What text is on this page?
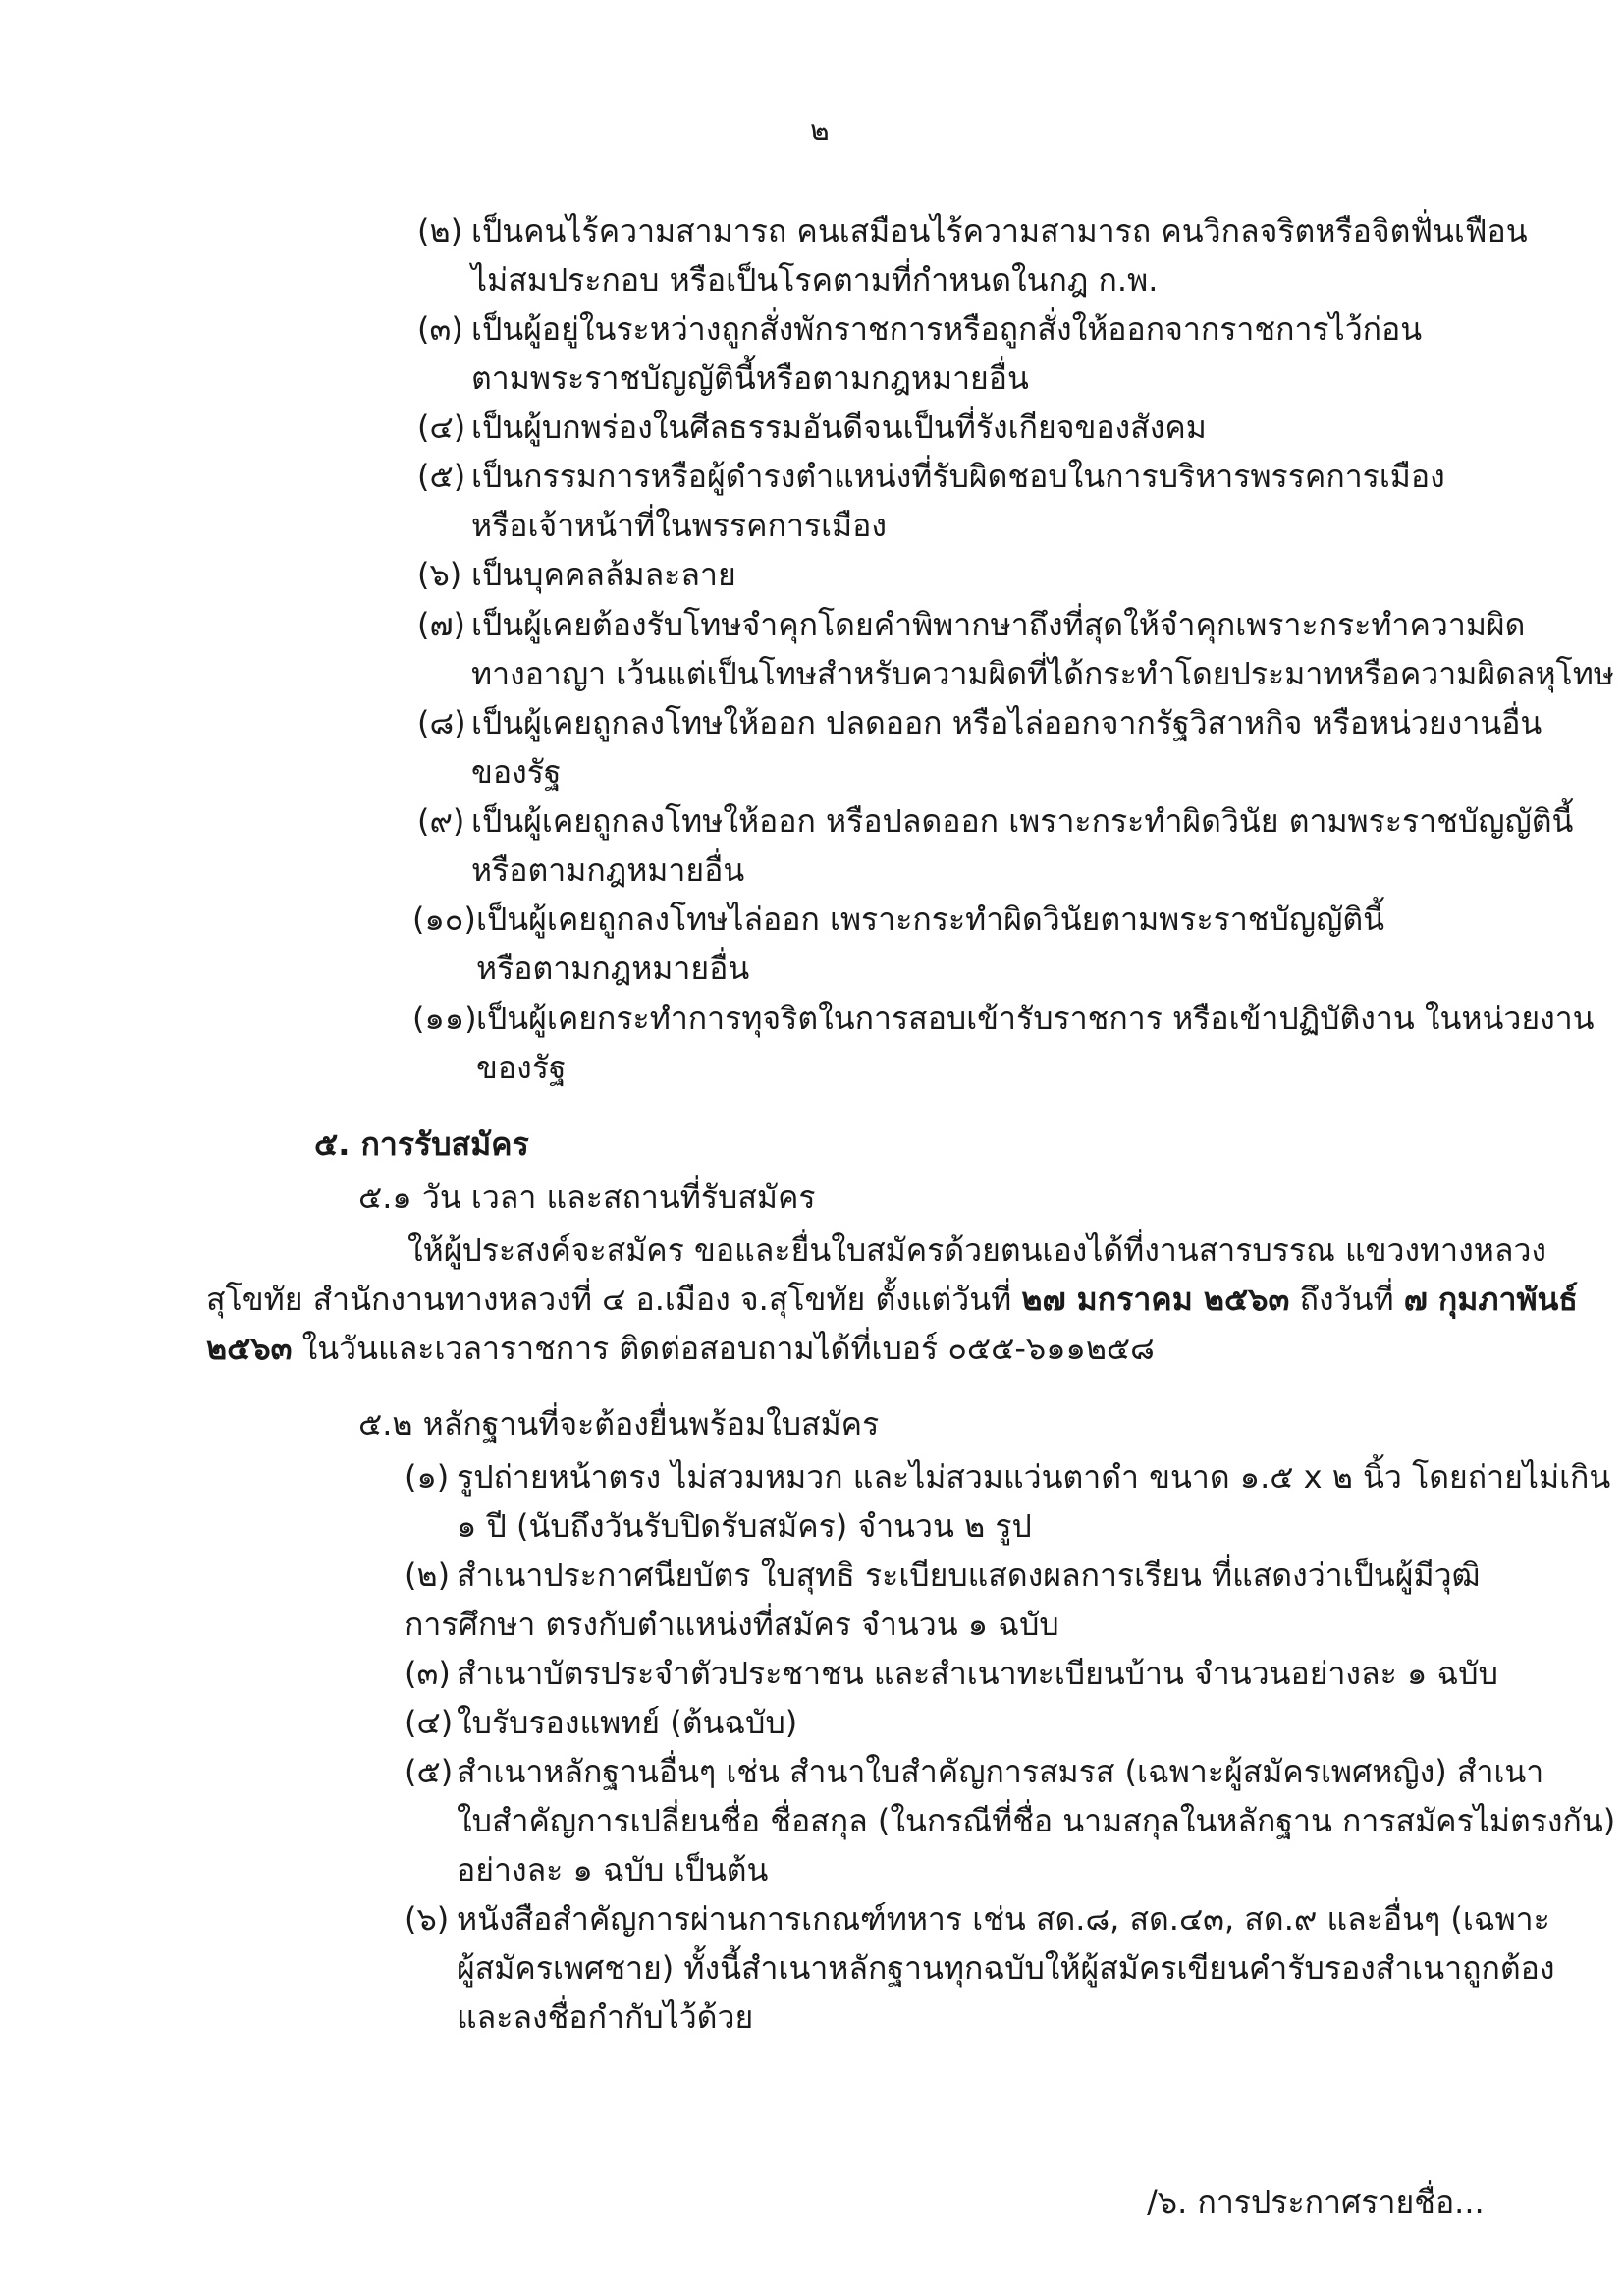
๒
(๒) เป็นคนไร้ความสามารถ คนเสมือนไร้ความสามารถ คนวิกลจริตหรือจิตฟั่นเฟือน
ไม่สมประกอบ หรือเป็นโรคตามที่กำหนดในกฎ ก.พ.
(๓) เป็นผู้อยู่ในระหว่างถูกสั่งพักราชการหรือถูกสั่งให้ออกจากราชการไว้ก่อน
ตามพระราชบัญญัตินี้หรือตามกฎหมายอื่น
(๔) เป็นผู้บกพร่องในศีลธรรมอันดีจนเป็นที่รังเกียจของสังคม
(๕) เป็นกรรมการหรือผู้ดำรงตำแหน่งที่รับผิดชอบในการบริหารพรรคการเมือง
หรือเจ้าหน้าที่ในพรรคการเมือง
(๖) เป็นบุคคลล้มละลาย
(๗) เป็นผู้เคยต้องรับโทษจำคุกโดยคำพิพากษาถึงที่สุดให้จำคุกเพราะกระทำความผิด
ทางอาญา เว้นแต่เป็นโทษสำหรับความผิดที่ได้กระทำโดยประมาทหรือความผิดลหุโทษ
(๘) เป็นผู้เคยถูกลงโทษให้ออก ปลดออก หรือไล่ออกจากรัฐวิสาหกิจ หรือหน่วยงานอื่น
ของรัฐ
(๙) เป็นผู้เคยถูกลงโทษให้ออก หรือปลดออก เพราะกระทำผิดวินัย ตามพระราชบัญญัตินี้
หรือตามกฎหมายอื่น
(๑๐) เป็นผู้เคยถูกลงโทษไล่ออก เพราะกระทำผิดวินัยตามพระราชบัญญัตินี้
หรือตามกฎหมายอื่น
(๑๑) เป็นผู้เคยกระทำการทุจริตในการสอบเข้ารับราชการ หรือเข้าปฏิบัติงาน ในหน่วยงาน
ของรัฐ
๕. การรับสมัคร
๕.๑ วัน เวลา และสถานที่รับสมัคร
ให้ผู้ประสงค์จะสมัคร ขอและยื่นใบสมัครด้วยตนเองได้ที่งานสารบรรณ แขวงทางหลวง
สุโขทัย สำนักงานทางหลวงที่ ๔ อ.เมือง จ.สุโขทัย ตั้งแต่วันที่ ๒๗ มกราคม ๒๕๖๓ ถึงวันที่ ๗ กุมภาพันธ์
๒๕๖๓ ในวันและเวลาราชการ ติดต่อสอบถามได้ที่เบอร์ ๐๕๕-๖๑๑๒๕๘
๕.๒ หลักฐานที่จะต้องยื่นพร้อมใบสมัคร
(๑) รูปถ่ายหน้าตรง ไม่สวมหมวก และไม่สวมแว่นตาดำ ขนาด ๑.๕ x ๒ นิ้ว โดยถ่ายไม่เกิน
๑ ปี (นับถึงวันรับปิดรับสมัคร) จำนวน ๒ รูป
(๒) สำเนาประกาศนียบัตร ใบสุทธิ ระเบียบแสดงผลการเรียน ที่แสดงว่าเป็นผู้มีวุฒิ
การศึกษา ตรงกับตำแหน่งที่สมัคร จำนวน ๑ ฉบับ
(๓) สำเนาบัตรประจำตัวประชาชน และสำเนาทะเบียนบ้าน จำนวนอย่างละ ๑ ฉบับ
(๔) ใบรับรองแพทย์ (ต้นฉบับ)
(๕) สำเนาหลักฐานอื่นๆ เช่น สำนาใบสำคัญการสมรส (เฉพาะผู้สมัครเพศหญิง) สำเนา
ใบสำคัญการเปลี่ยนชื่อ ชื่อสกุล (ในกรณีที่ชื่อ นามสกุลในหลักฐาน การสมัครไม่ตรงกัน)
อย่างละ ๑ ฉบับ เป็นต้น
(๖) หนังสือสำคัญการผ่านการเกณฑ์ทหาร เช่น สด.๘, สด.๔๓, สด.๙ และอื่นๆ (เฉพาะ
ผู้สมัครเพศชาย) ทั้งนี้สำเนาหลักฐานทุกฉบับให้ผู้สมัครเขียนคำรับรองสำเนาถูกต้อง
และลงชื่อกำกับไว้ด้วย
/๖. การประกาศรายชื่อ...
